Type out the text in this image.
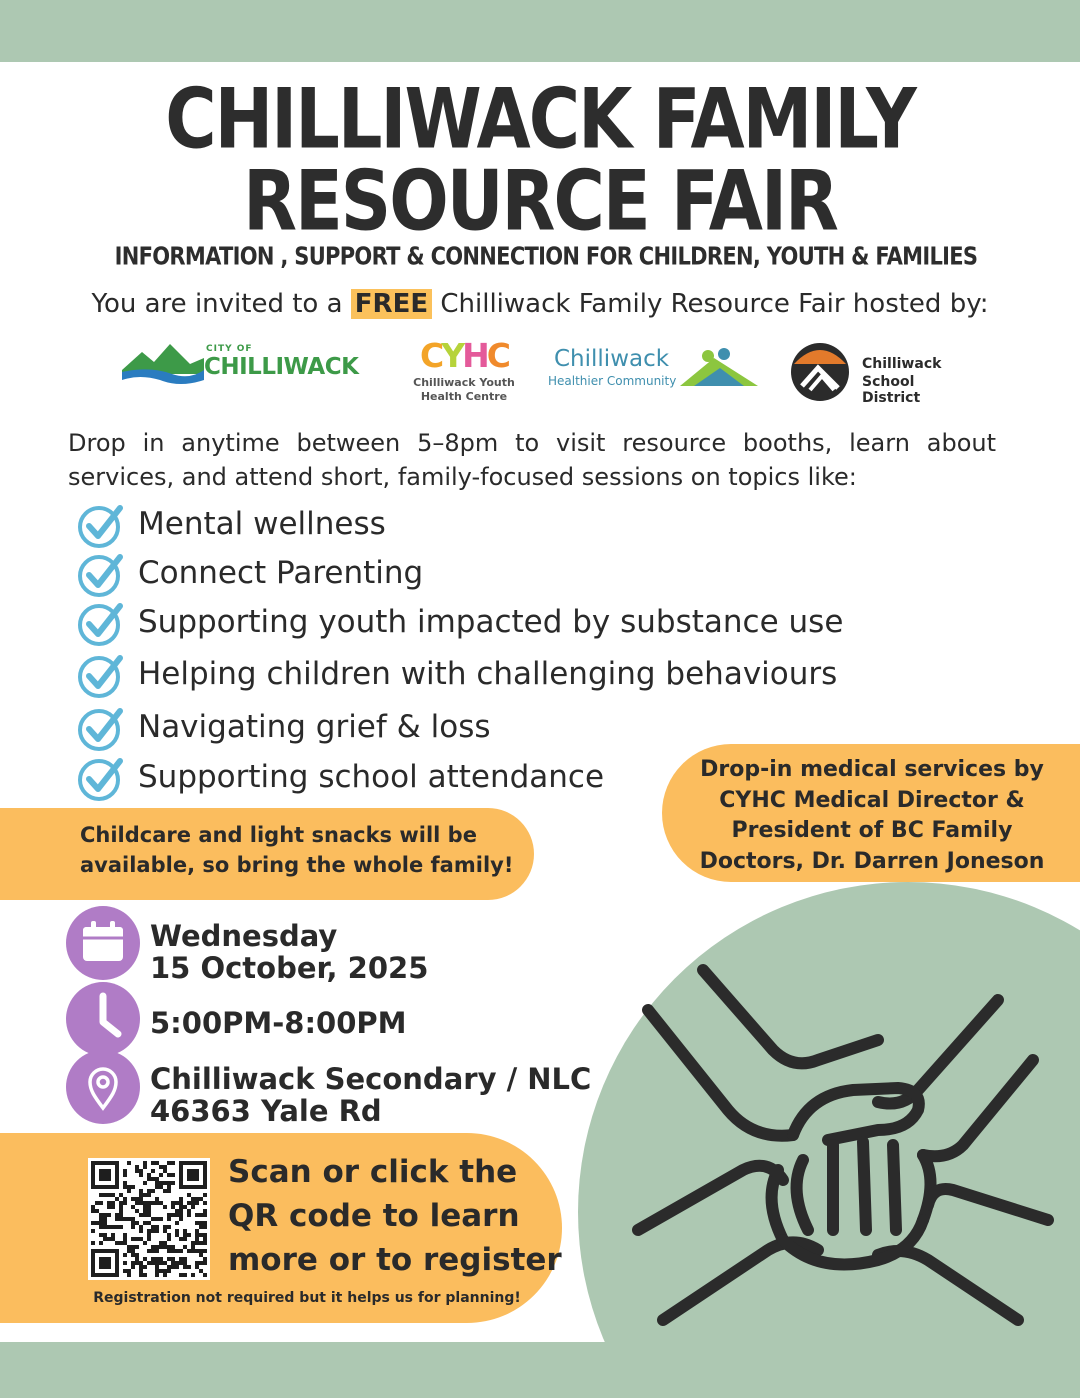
CHILLIWACK FAMILY
RESOURCE FAIR
INFORMATION , SUPPORT & CONNECTION FOR CHILDREN, YOUTH & FAMILIES
You are invited to a FREE Chilliwack Family Resource Fair hosted by:
CITY OF
CHILLIWACK CYHC
Chilliwack Youth
Health Centre
Chilliwack
Healthier Community
Chilliwack
School District
Drop in anytime between 5–8pm to visit resource booths, learn about services, and attend short, family-focused sessions on topics like:
Mental wellness
Connect Parenting
Supporting youth impacted by substance use
Helping children with challenging behaviours
Navigating grief & loss
Supporting school attendance	Drop-in medical services by
CYHC Medical Director &
President of BC Family
Doctors, Dr. Darren Joneson
Childcare and light snacks will be
available, so bring the whole family!
Wednesday
15 October, 2025
5:00PM-8:00PM
Chilliwack Secondary / NLC
46363 Yale Rd
Scan or click the
QR code to learn
more or to register
Registration not required but it helps us for planning!
